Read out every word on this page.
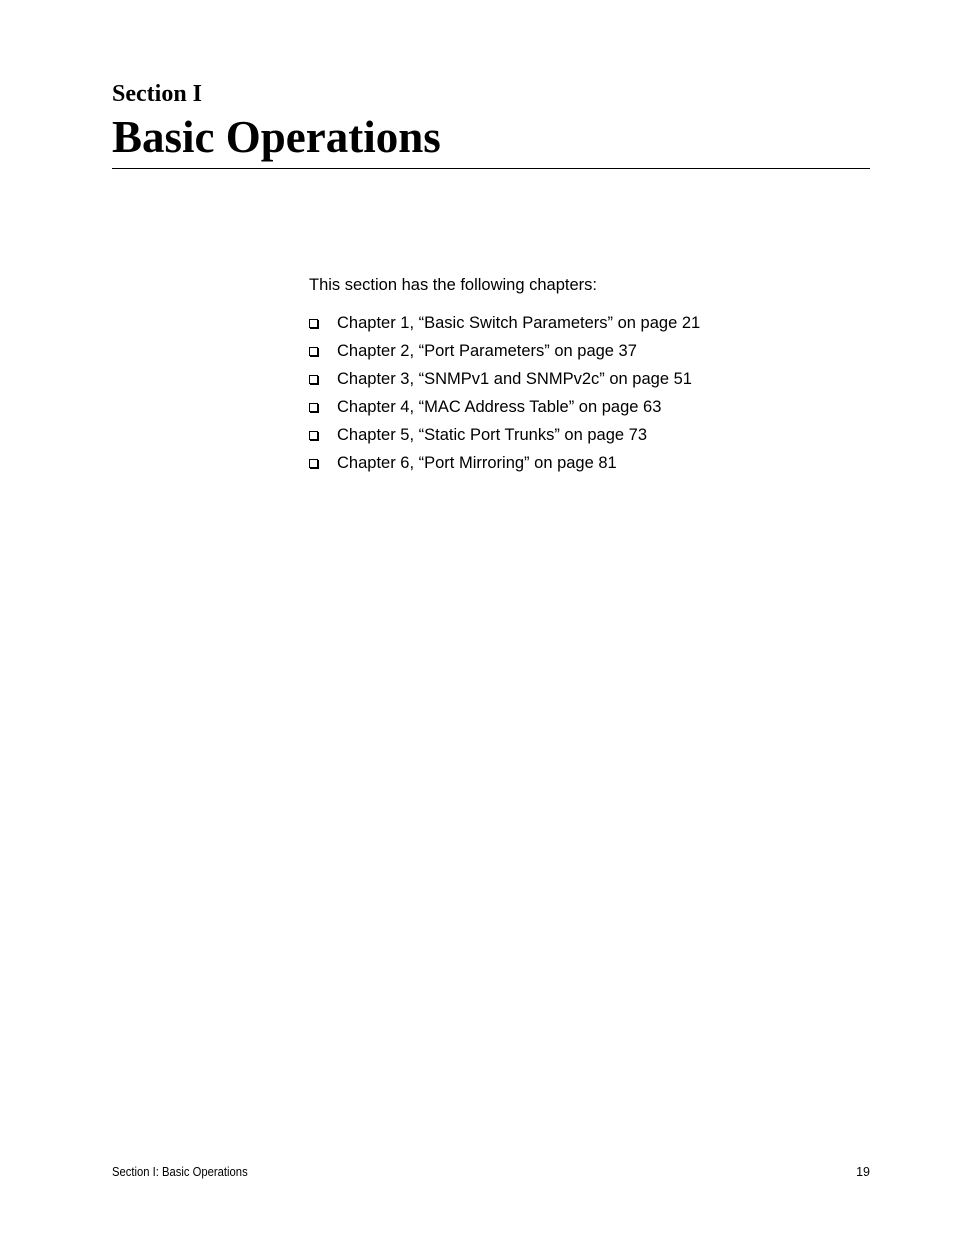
Section I
Basic Operations

This section has the following chapters:

Chapter 1, “Basic Switch Parameters” on page 21
Chapter 2, “Port Parameters” on page 37
Chapter 3, “SNMPv1 and SNMPv2c” on page 51
Chapter 4, “MAC Address Table” on page 63
Chapter 5, “Static Port Trunks” on page 73
Chapter 6, “Port Mirroring” on page 81

Section I: Basic Operations	19
